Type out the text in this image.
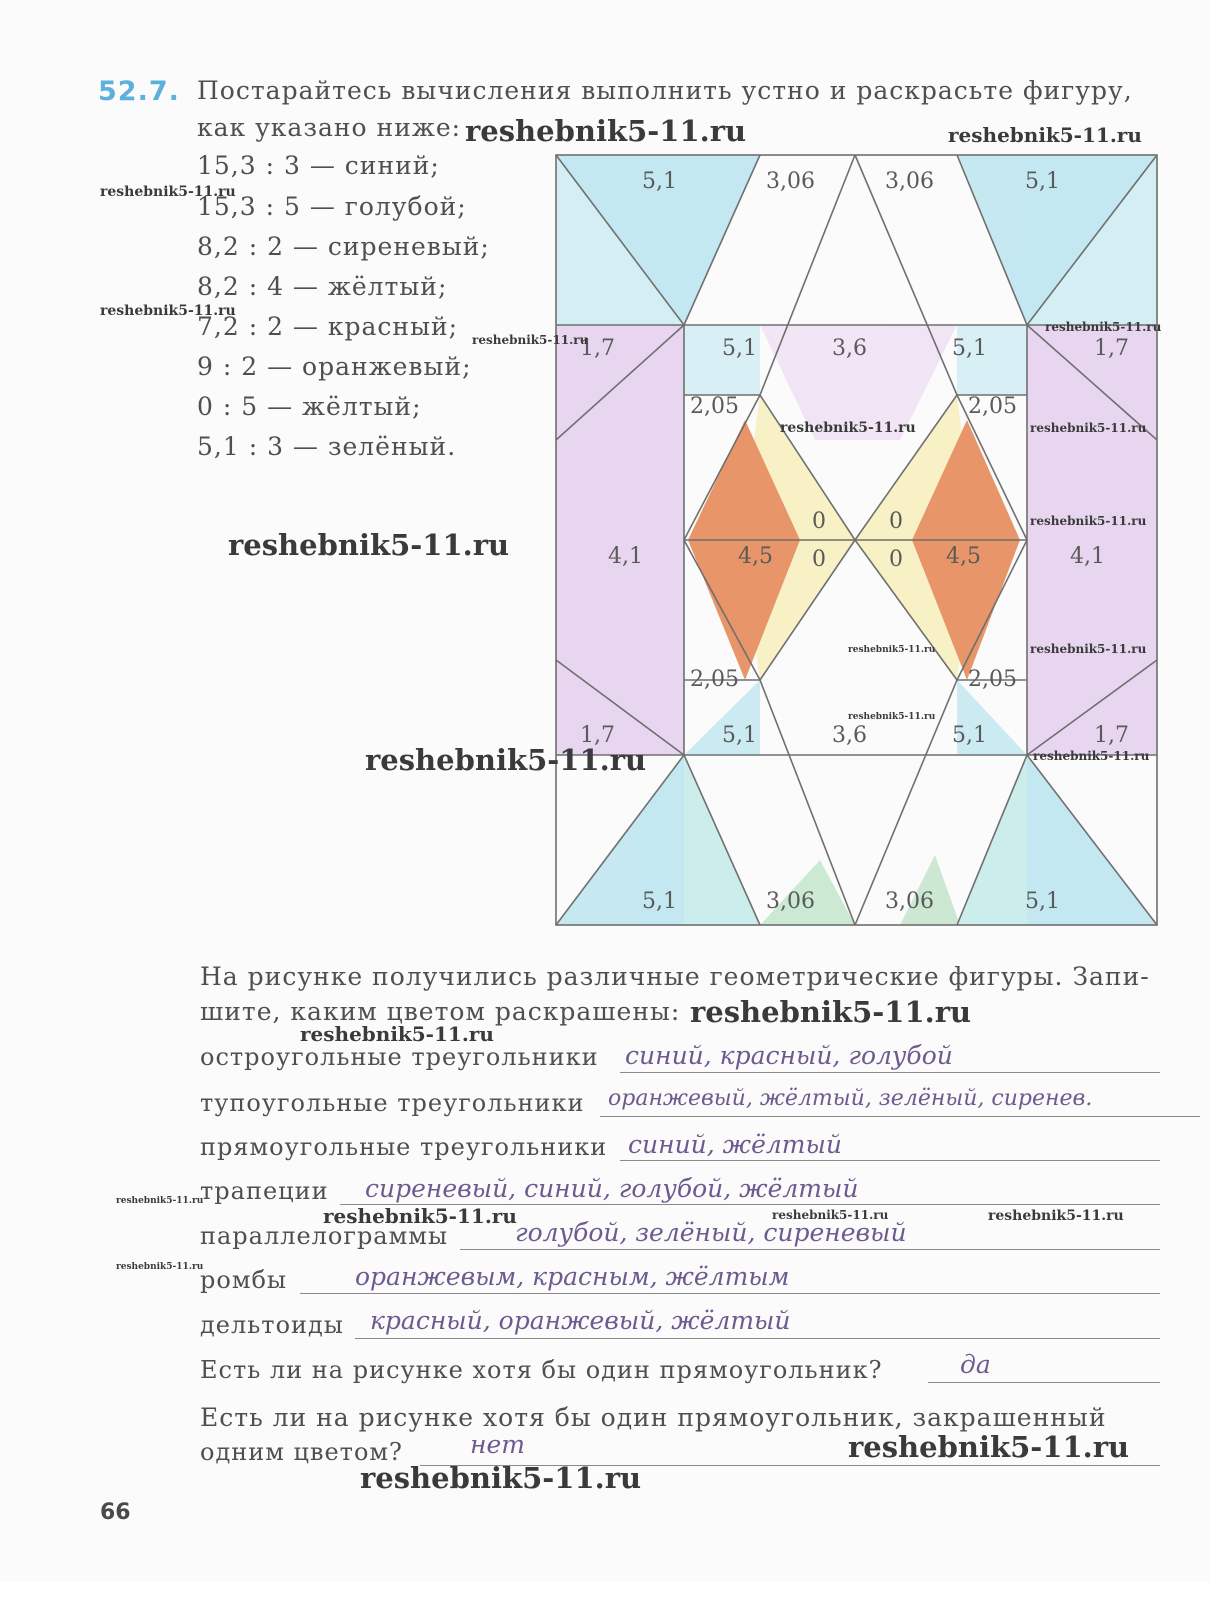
52.7. Постарайтесь вычисления выполнить устно и раскрасьте фигуру,
как указано ниже:
15,3 : 3 — синий;
15,3 : 5 — голубой;
8,2 : 2 — сиреневый;
8,2 : 4 — жёлтый;
7,2 : 2 — красный;
9 : 2 — оранжевый;
0 : 5 — жёлтый;
5,1 : 3 — зелёный.
5,1	3,06	3,06	5,1
1,7	5,1	3,6	5,1	1,7
2,05	2,05
0	0
4,1	4,5 0	0 4,5	4,1
2,05	2,05
1,7	5,1	3,6	5,1	1,7
5,1	3,06	3,06	5,1
На рисунке получились различные геометрические фигуры. Запи-
шите, каким цветом раскрашены:
остроугольные треугольники синий, красный, голубой
тупоугольные треугольники оранжевый, жёлтый, зелёный, сиренев.
прямоугольные треугольники синий, жёлтый
трапеции сиреневый, синий, голубой, жёлтый
параллелограммы	голубой, зелёный, сиреневый
ромбы	оранжевым, красным, жёлтым
дельтоиды красный, оранжевый, жёлтый
Есть ли на рисунке хотя бы один прямоугольник?	да
Есть ли на рисунке хотя бы один прямоугольник, закрашенный
одним цветом?	нет
reshebnik5-11.ru	reshebnik5-11.ru
reshebnik5-11.ru
reshebnik5-11.ru
reshebnik5-11.ru
reshebnik5-11.ru
reshebnik5-11.ru	reshebnik5-11.ru
reshebnik5-11.ru
reshebnik5-11.ru
reshebnik5-11.ru	reshebnik5-11.ru
reshebnik5-11.ru
reshebnik5-11.ru
reshebnik5-11.ru
reshebnik5-11.ru
reshebnik5-11.ru
reshebnik5-11.ru
reshebnik5-11.ru	reshebnik5-11.ru	reshebnik5-11.ru
reshebnik5-11.ru
reshebnik5-11.ru
reshebnik5-11.ru
66
